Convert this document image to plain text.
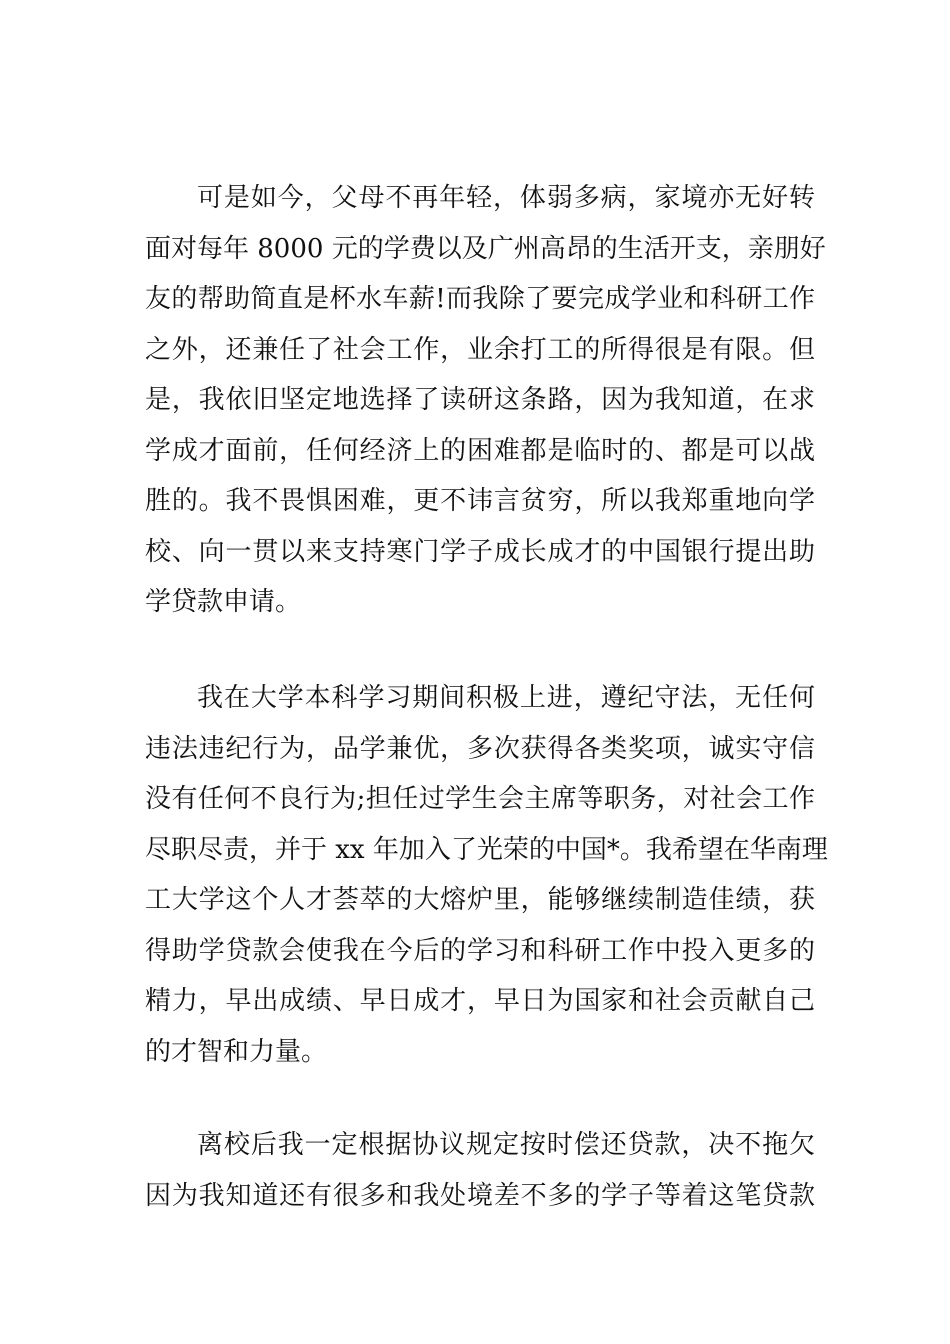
可是如今，父母不再年轻，体弱多病，家境亦无好转
面对每年 8000 元的学费以及广州高昂的生活开支，亲朋好
友的帮助简直是杯水车薪!而我除了要完成学业和科研工作
之外，还兼任了社会工作，业余打工的所得很是有限。但
是，我依旧坚定地选择了读研这条路，因为我知道，在求
学成才面前，任何经济上的困难都是临时的、都是可以战
胜的。我不畏惧困难，更不讳言贫穷，所以我郑重地向学
校、向一贯以来支持寒门学子成长成才的中国银行提出助
学贷款申请。
我在大学本科学习期间积极上进，遵纪守法，无任何
违法违纪行为，品学兼优，多次获得各类奖项，诚实守信
没有任何不良行为;担任过学生会主席等职务，对社会工作
尽职尽责，并于 xx 年加入了光荣的中国*。我希望在华南理
工大学这个人才荟萃的大熔炉里，能够继续制造佳绩，获
得助学贷款会使我在今后的学习和科研工作中投入更多的
精力，早出成绩、早日成才，早日为国家和社会贡献自己
的才智和力量。
离校后我一定根据协议规定按时偿还贷款，决不拖欠
因为我知道还有很多和我处境差不多的学子等着这笔贷款
